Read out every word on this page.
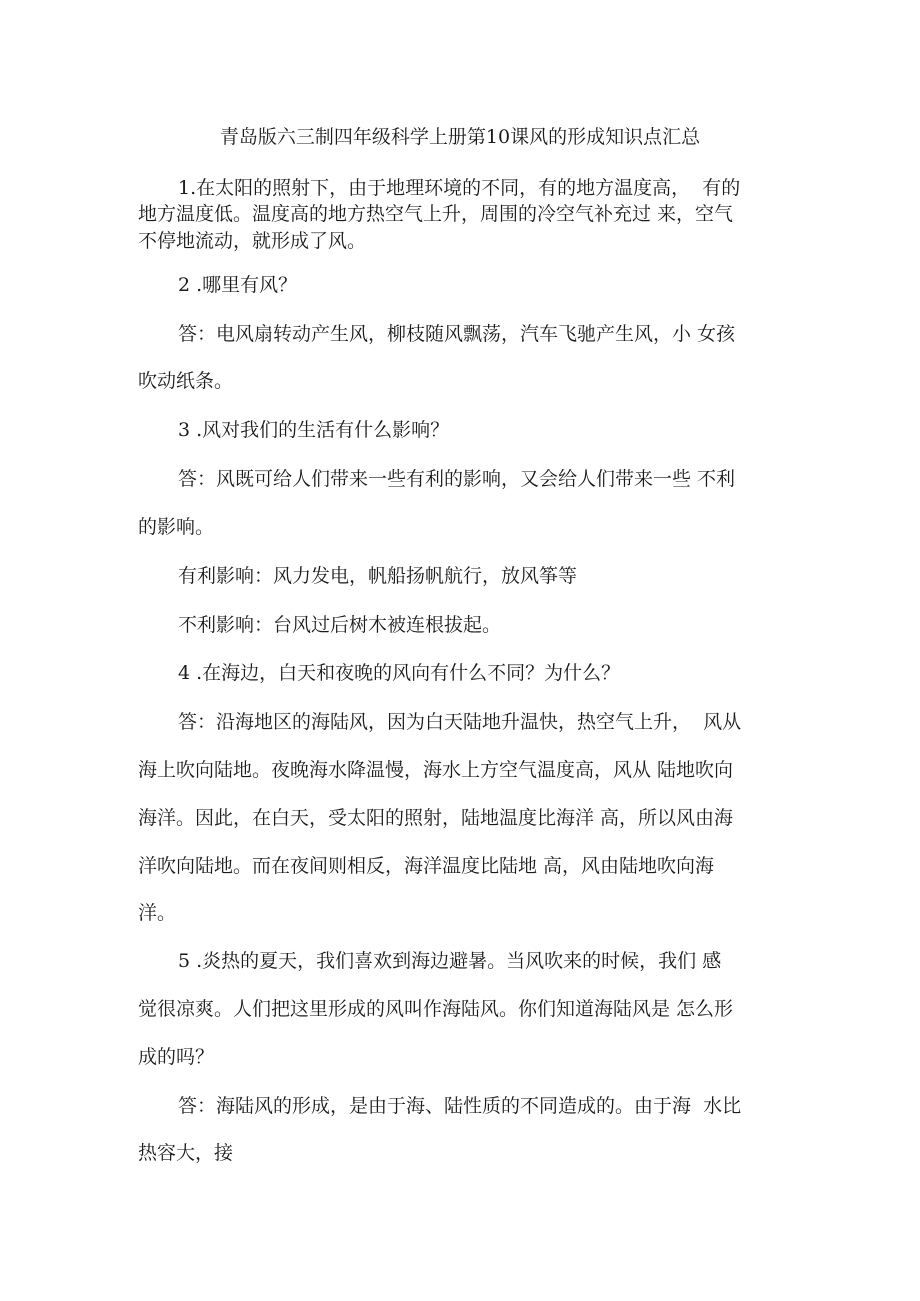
青岛版六三制四年级科学上册第10课风的形成知识点汇总
1.在太阳的照射下，由于地理环境的不同，有的地方温度高，  有的
地方温度低。温度高的地方热空气上升，周围的冷空气补充过 来，空气
不停地流动，就形成了风。
2 .哪里有风？
答：电风扇转动产生风，柳枝随风飘荡，汽车飞驰产生风，小 女孩
吹动纸条。
3 .风对我们的生活有什么影响？
答：风既可给人们带来一些有利的影响，又会给人们带来一些 不利
的影响。
有利影响：风力发电，帆船扬帆航行，放风筝等
不利影响：台风过后树木被连根拔起。
4 .在海边，白天和夜晚的风向有什么不同？为什么？
答：沿海地区的海陆风，因为白天陆地升温快，热空气上升，  风从
海上吹向陆地。夜晚海水降温慢，海水上方空气温度高，风从 陆地吹向
海洋。因此，在白天，受太阳的照射，陆地温度比海洋 高，所以风由海
洋吹向陆地。而在夜间则相反，海洋温度比陆地 高，风由陆地吹向海
洋。
5 .炎热的夏天，我们喜欢到海边避暑。当风吹来的时候，我们 感
觉很凉爽。人们把这里形成的风叫作海陆风。你们知道海陆风是 怎么形
成的吗？
答：海陆风的形成，是由于海、陆性质的不同造成的。由于海  水比
热容大，接
